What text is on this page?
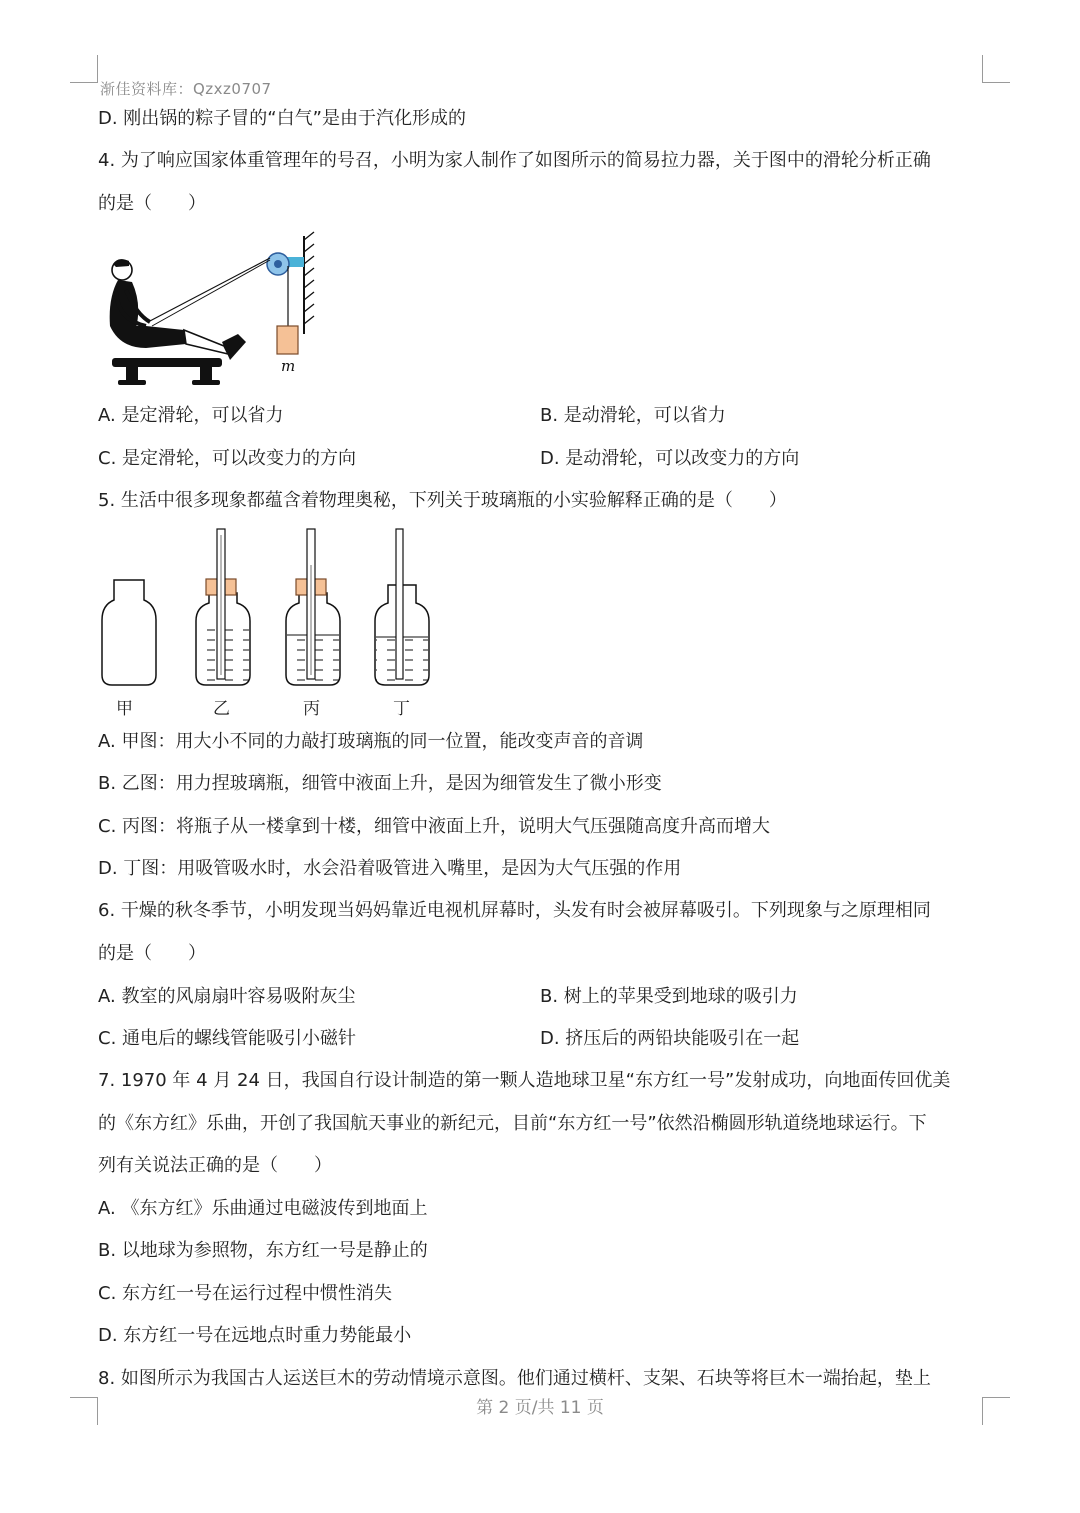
渐佳资料库：Qzxz0707
D. 刚出锅的粽子冒的“白气”是由于汽化形成的
4. 为了响应国家体重管理年的号召，小明为家人制作了如图所示的简易拉力器，关于图中的滑轮分析正确
的是（　　）
m
A. 是定滑轮，可以省力	B. 是动滑轮，可以省力
C. 是定滑轮，可以改变力的方向	D. 是动滑轮，可以改变力的方向
5. 生活中很多现象都蕴含着物理奥秘，下列关于玻璃瓶的小实验解释正确的是（　　）
甲	乙	丙	丁
A. 甲图：用大小不同的力敲打玻璃瓶的同一位置，能改变声音的音调
B. 乙图：用力捏玻璃瓶，细管中液面上升，是因为细管发生了微小形变
C. 丙图：将瓶子从一楼拿到十楼，细管中液面上升，说明大气压强随高度升高而增大
D. 丁图：用吸管吸水时，水会沿着吸管进入嘴里，是因为大气压强的作用
6. 干燥的秋冬季节，小明发现当妈妈靠近电视机屏幕时，头发有时会被屏幕吸引。下列现象与之原理相同
的是（　　）
A. 教室的风扇扇叶容易吸附灰尘	B. 树上的苹果受到地球的吸引力
C. 通电后的螺线管能吸引小磁针	D. 挤压后的两铅块能吸引在一起
7. 1970 年 4 月 24 日，我国自行设计制造的第一颗人造地球卫星“东方红一号”发射成功，向地面传回优美
的《东方红》乐曲，开创了我国航天事业的新纪元，目前“东方红一号”依然沿椭圆形轨道绕地球运行。下
列有关说法正确的是（　　）
A. 《东方红》乐曲通过电磁波传到地面上
B. 以地球为参照物，东方红一号是静止的
C. 东方红一号在运行过程中惯性消失
D. 东方红一号在远地点时重力势能最小
8. 如图所示为我国古人运送巨木的劳动情境示意图。他们通过横杆、支架、石块等将巨木一端抬起，垫上
第 2 页/共 11 页
